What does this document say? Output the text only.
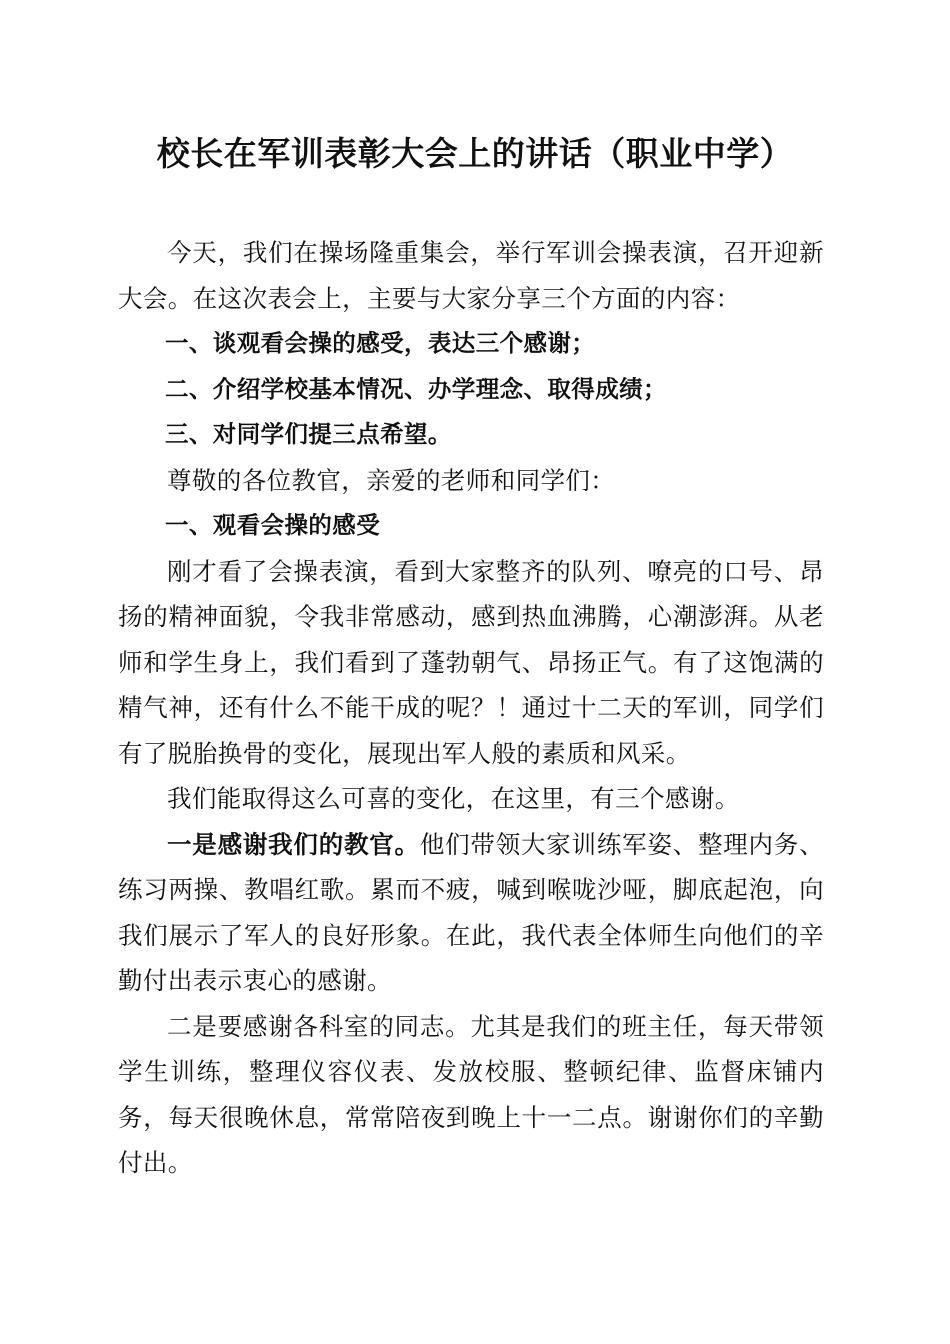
校长在军训表彰大会上的讲话（职业中学）

今天，我们在操场隆重集会，举行军训会操表演，召开迎新大会。在这次表会上，主要与大家分享三个方面的内容：

一、谈观看会操的感受，表达三个感谢；

二、介绍学校基本情况、办学理念、取得成绩；

三、对同学们提三点希望。

尊敬的各位教官，亲爱的老师和同学们：

一、观看会操的感受

刚才看了会操表演，看到大家整齐的队列、嘹亮的口号、昂扬的精神面貌，令我非常感动，感到热血沸腾，心潮澎湃。从老师和学生身上，我们看到了蓬勃朝气、昂扬正气。有了这饱满的精气神，还有什么不能干成的呢？！通过十二天的军训，同学们有了脱胎换骨的变化，展现出军人般的素质和风采。

我们能取得这么可喜的变化，在这里，有三个感谢。

一是感谢我们的教官。他们带领大家训练军姿、整理内务、练习两操、教唱红歌。累而不疲，喊到喉咙沙哑，脚底起泡，向我们展示了军人的良好形象。在此，我代表全体师生向他们的辛勤付出表示衷心的感谢。

二是要感谢各科室的同志。尤其是我们的班主任，每天带领学生训练，整理仪容仪表、发放校服、整顿纪律、监督床铺内务，每天很晚休息，常常陪夜到晚上十一二点。谢谢你们的辛勤付出。
